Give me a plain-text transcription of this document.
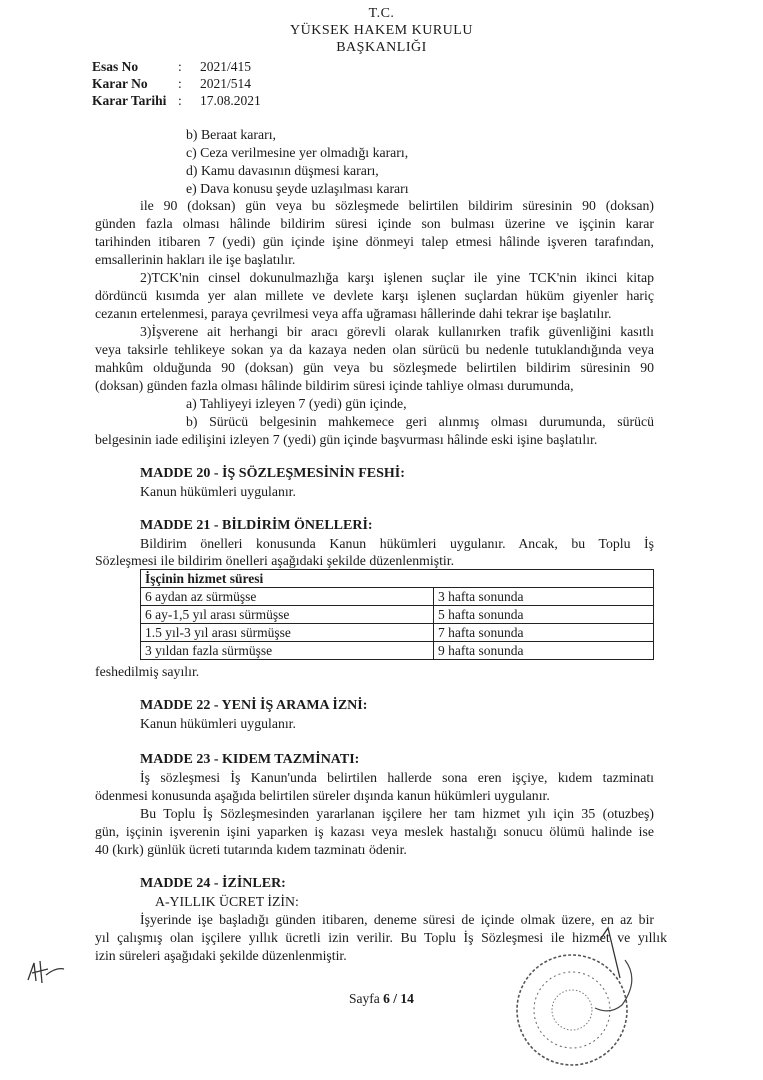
T.C.
YÜKSEK HAKEM KURULU
BAŞKANLIĞI
Esas No	: 2021/415
Karar No : 2021/514
Karar Tarihi : 17.08.2021
b) Beraat kararı,
c) Ceza verilmesine yer olmadığı kararı,
d) Kamu davasının düşmesi kararı,
e) Dava konusu şeyde uzlaşılması kararı
ile 90 (doksan) gün veya bu sözleşmede belirtilen bildirim süresinin 90 (doksan)
günden fazla olması hâlinde bildirim süresi içinde son bulması üzerine ve işçinin karar
tarihinden itibaren 7 (yedi) gün içinde işine dönmeyi talep etmesi hâlinde işveren tarafından,
emsallerinin hakları ile işe başlatılır.
2)TCK'nin cinsel dokunulmazlığa karşı işlenen suçlar ile yine TCK'nin ikinci kitap
dördüncü kısımda yer alan millete ve devlete karşı işlenen suçlardan hüküm giyenler hariç
cezanın ertelenmesi, paraya çevrilmesi veya affa uğraması hâllerinde dahi tekrar işe başlatılır.
3)İşverene ait herhangi bir aracı görevli olarak kullanırken trafik güvenliğini kasıtlı
veya taksirle tehlikeye sokan ya da kazaya neden olan sürücü bu nedenle tutuklandığında veya
mahkûm olduğunda 90 (doksan) gün veya bu sözleşmede belirtilen bildirim süresinin 90
(doksan) günden fazla olması hâlinde bildirim süresi içinde tahliye olması durumunda,
a) Tahliyeyi izleyen 7 (yedi) gün içinde,
b) Sürücü belgesinin mahkemece geri alınmış olması durumunda, sürücü
belgesinin iade edilişini izleyen 7 (yedi) gün içinde başvurması hâlinde eski işine başlatılır.
MADDE 20 - İŞ SÖZLEŞMESİNİN FESHİ:
Kanun hükümleri uygulanır.
MADDE 21 - BİLDİRİM ÖNELLERİ:
Bildirim önelleri konusunda Kanun hükümleri uygulanır. Ancak, bu Toplu İş
Sözleşmesi ile bildirim önelleri aşağıdaki şekilde düzenlenmiştir.
İşçinin hizmet süresi	
6 aydan az sürmüşse	3 hafta sonunda
6 ay-1,5 yıl arası sürmüşse	5 hafta sonunda
1.5 yıl-3 yıl arası sürmüşse	7 hafta sonunda
3 yıldan fazla sürmüşse	9 hafta sonunda
feshedilmiş sayılır.
MADDE 22 - YENİ İŞ ARAMA İZNİ:
Kanun hükümleri uygulanır.
MADDE 23 - KIDEM TAZMİNATI:
İş sözleşmesi İş Kanun'unda belirtilen hallerde sona eren işçiye, kıdem tazminatı
ödenmesi konusunda aşağıda belirtilen süreler dışında kanun hükümleri uygulanır.
Bu Toplu İş Sözleşmesinden yararlanan işçilere her tam hizmet yılı için 35 (otuzbeş)
gün, işçinin işverenin işini yaparken iş kazası veya meslek hastalığı sonucu ölümü halinde ise
40 (kırk) günlük ücreti tutarında kıdem tazminatı ödenir.
MADDE 24 - İZİNLER:
A-YILLIK ÜCRET İZİN:
İşyerinde işe başladığı günden itibaren, deneme süresi de içinde olmak üzere, en az bir
yıl çalışmış olan işçilere yıllık ücretli izin verilir. Bu Toplu İş Sözleşmesi ile hizmet ve yıllık
izin süreleri aşağıdaki şekilde düzenlenmiştir.
Sayfa 6 / 14
